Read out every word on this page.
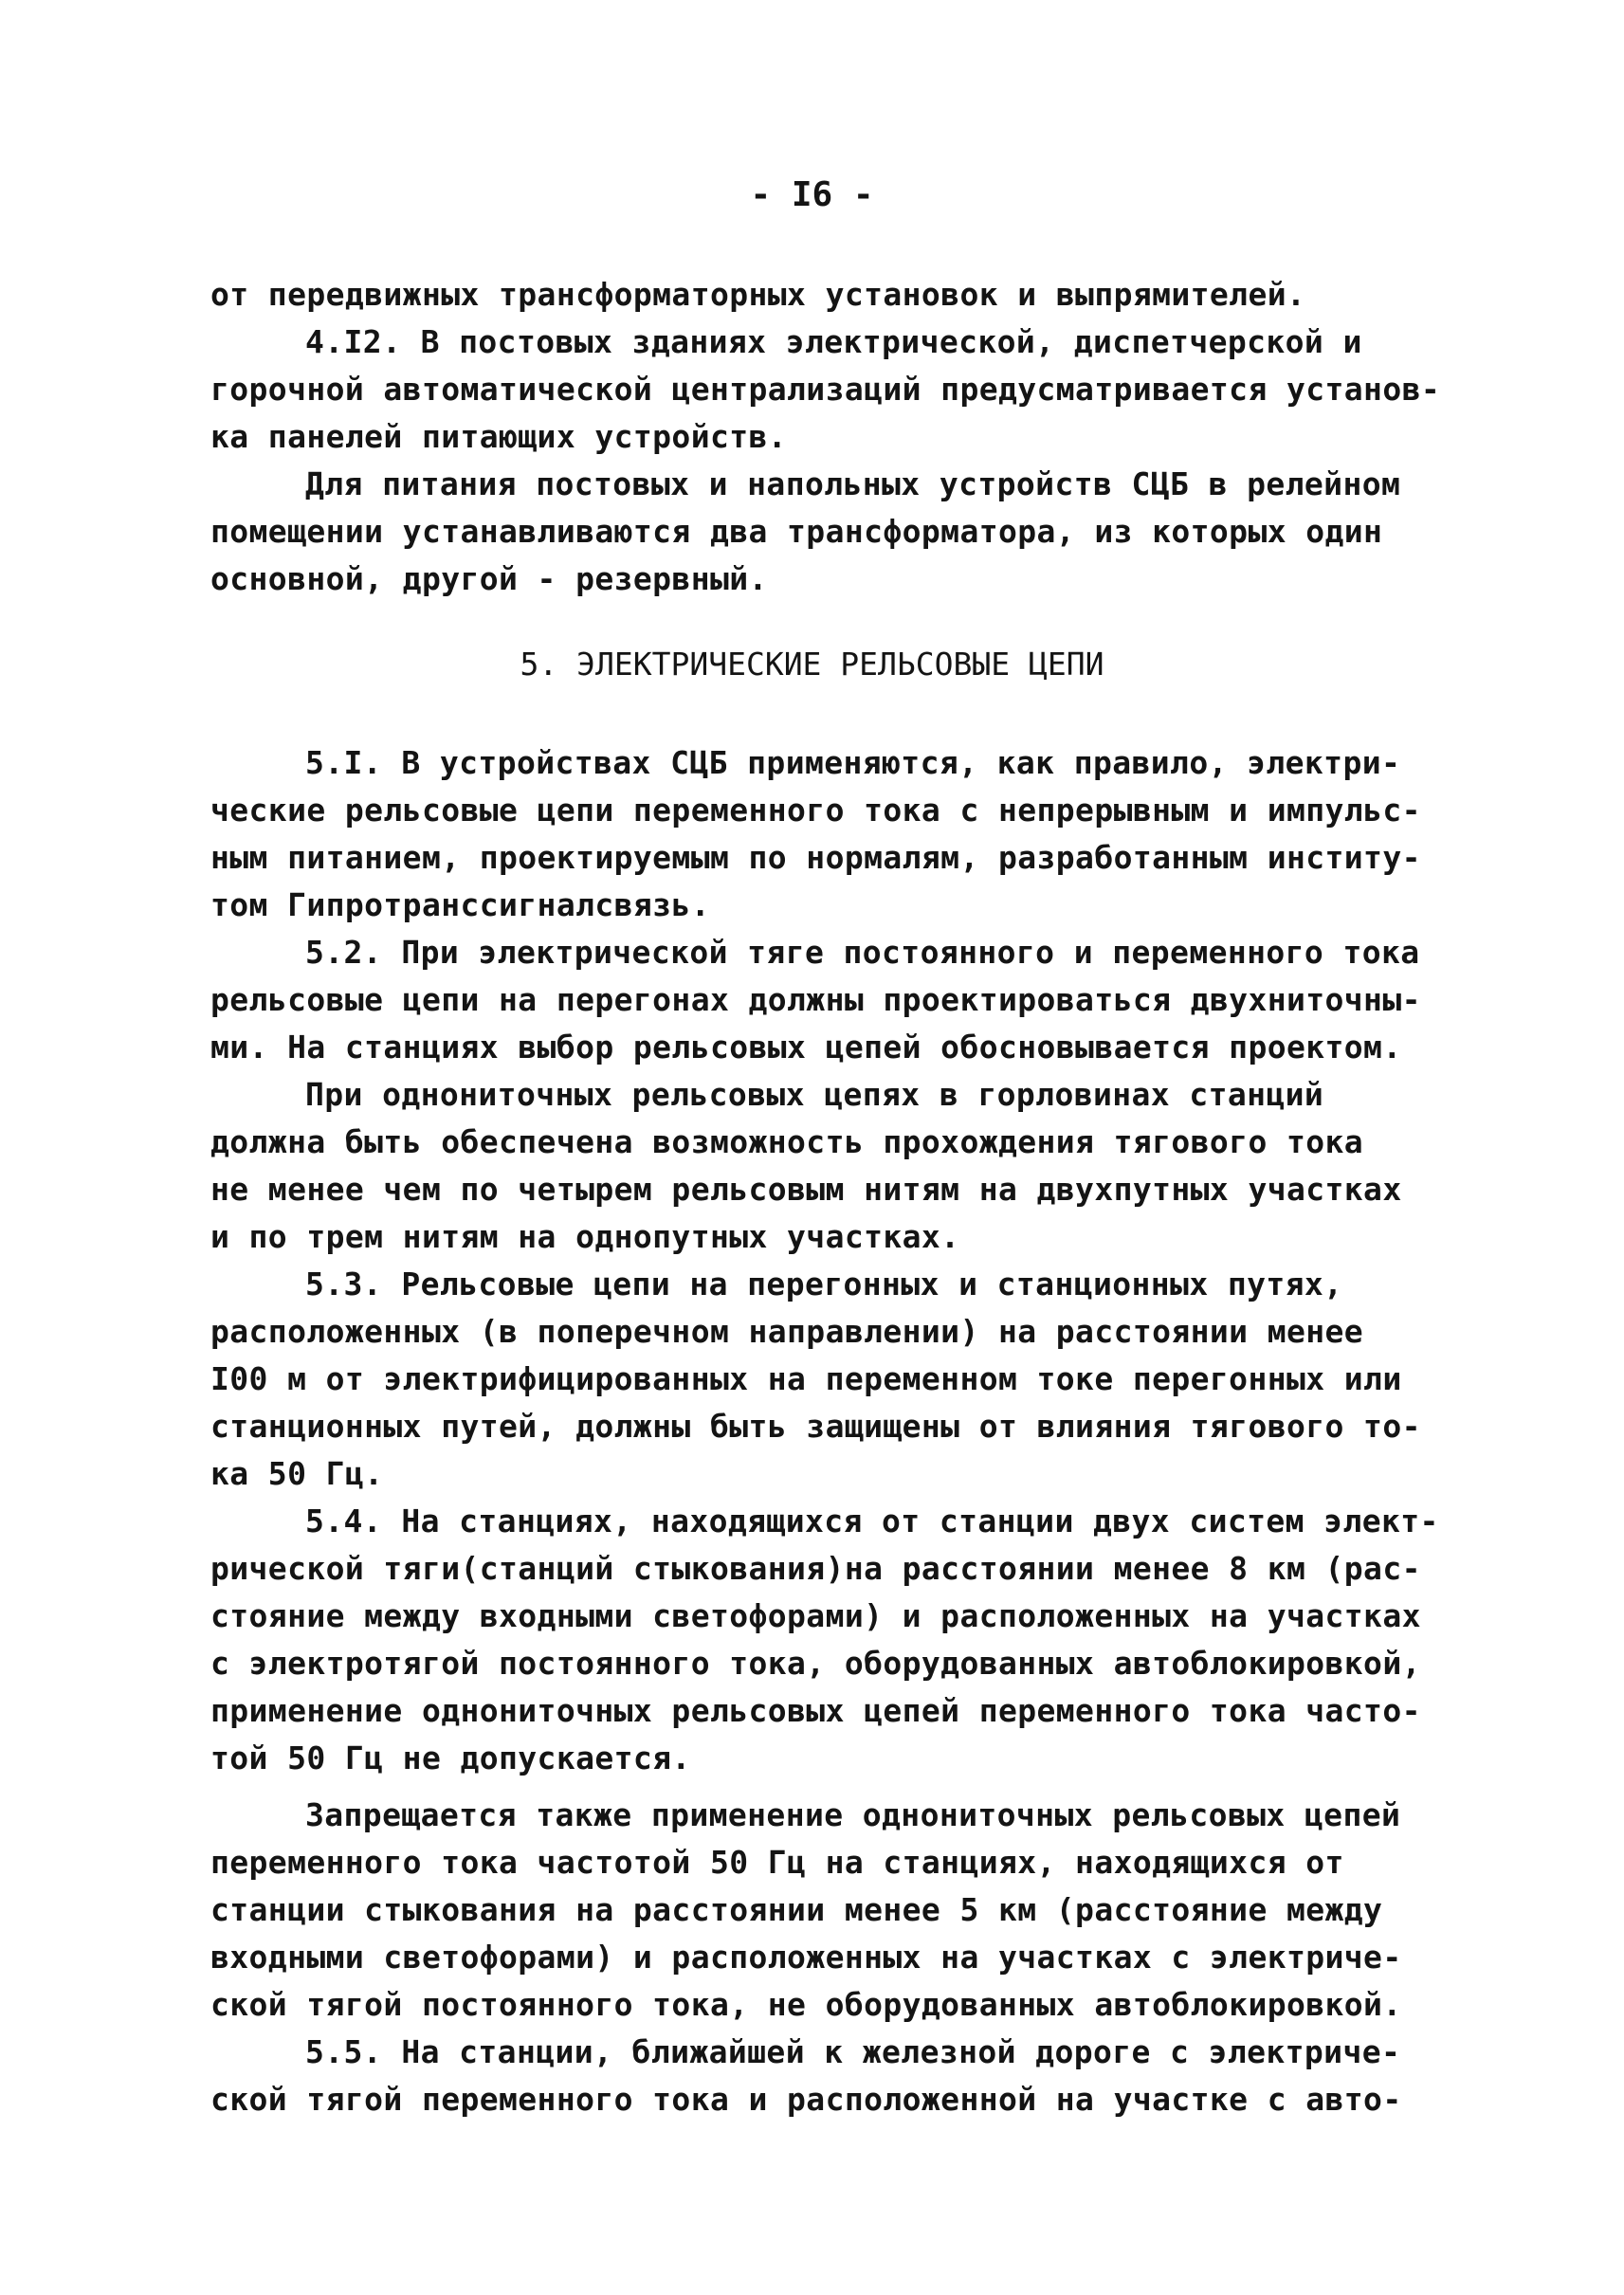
- I6 -
от передвижных трансформаторных установок и выпрямителей.
4.I2. В постовых зданиях электрической, диспетчерской и
горочной автоматической централизаций предусматривается установ-
ка панелей питающих устройств.
Для питания постовых и напольных устройств СЦБ в релейном
помещении устанавливаются два трансформатора, из которых один
основной, другой - резервный.
5. ЭЛЕКТРИЧЕСКИЕ РЕЛЬСОВЫЕ ЦЕПИ
5.I. В устройствах СЦБ применяются, как правило, электри-
ческие рельсовые цепи переменного тока с непрерывным и импульс-
ным питанием, проектируемым по нормалям, разработанным институ-
том Гипротранссигналсвязь.
5.2. При электрической тяге постоянного и переменного тока
рельсовые цепи на перегонах должны проектироваться двухниточны-
ми. На станциях выбор рельсовых цепей обосновывается проектом.
При однониточных рельсовых цепях в горловинах станций
должна быть обеспечена возможность прохождения тягового тока
не менее чем по четырем рельсовым нитям на двухпутных участках
и по трем нитям на однопутных участках.
5.3. Рельсовые цепи на перегонных и станционных путях,
расположенных (в поперечном направлении) на расстоянии менее
I00 м от электрифицированных на переменном токе перегонных или
станционных путей, должны быть защищены от влияния тягового то-
ка 50 Гц.
5.4. На станциях, находящихся от станции двух систем элект-
рической тяги(станций стыкования)на расстоянии менее 8 км (рас-
стояние между входными светофорами) и расположенных на участках
с электротягой постоянного тока, оборудованных автоблокировкой,
применение однониточных рельсовых цепей переменного тока часто-
той 50 Гц не допускается.
Запрещается также применение однониточных рельсовых цепей
переменного тока частотой 50 Гц на станциях, находящихся от
станции стыкования на расстоянии менее 5 км (расстояние между
входными светофорами) и расположенных на участках с электриче-
ской тягой постоянного тока, не оборудованных автоблокировкой.
5.5. На станции, ближайшей к железной дороге с электриче-
ской тягой переменного тока и расположенной на участке с авто-
